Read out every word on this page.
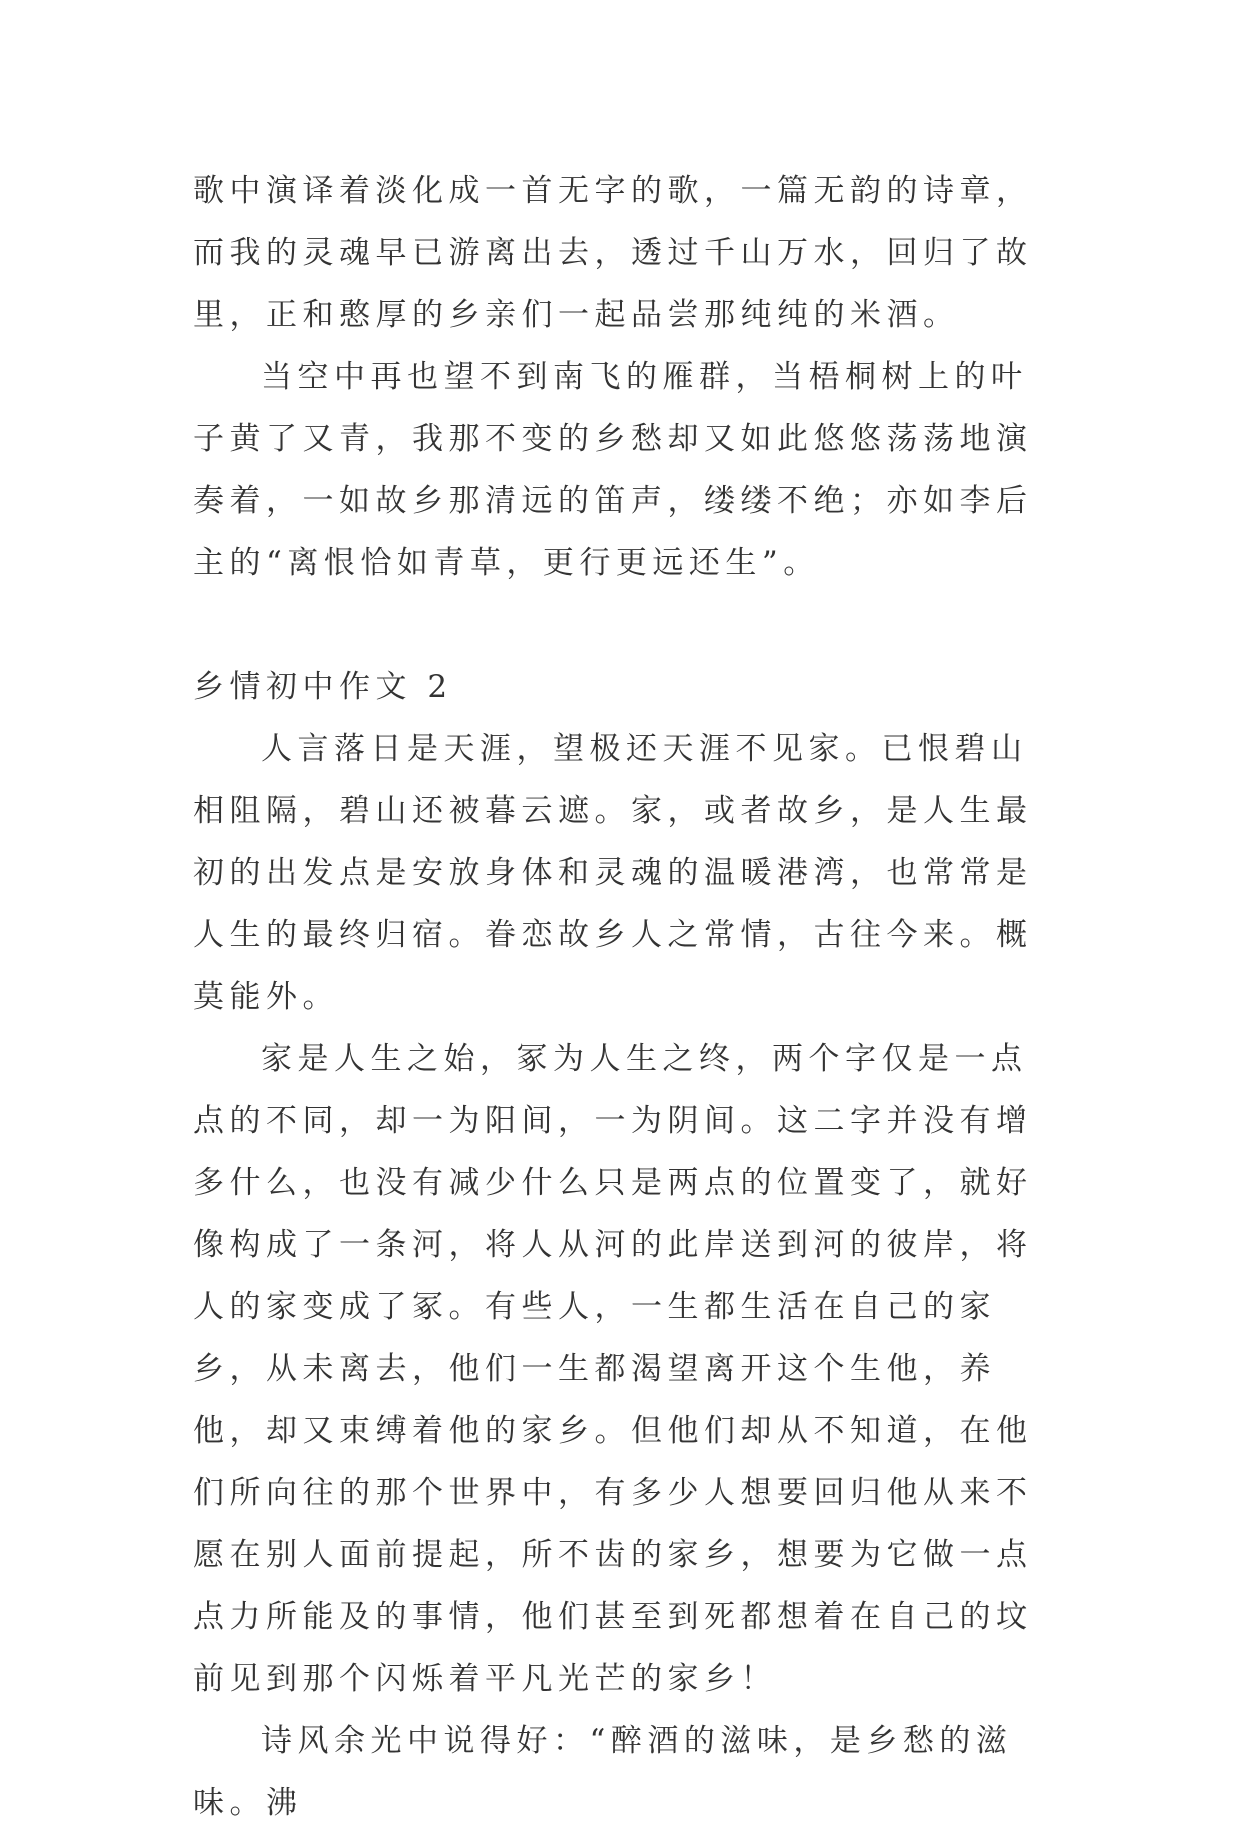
歌中演译着淡化成一首无字的歌，一篇无韵的诗章，而我的灵魂早已游离出去，透过千山万水，回归了故里，正和憨厚的乡亲们一起品尝那纯纯的米酒。

当空中再也望不到南飞的雁群，当梧桐树上的叶子黄了又青，我那不变的乡愁却又如此悠悠荡荡地演奏着，一如故乡那清远的笛声，缕缕不绝；亦如李后主的“离恨恰如青草，更行更远还生”。

乡情初中作文 2

人言落日是天涯，望极还天涯不见家。已恨碧山相阻隔，碧山还被暮云遮。家，或者故乡，是人生最初的出发点是安放身体和灵魂的温暖港湾，也常常是人生的最终归宿。眷恋故乡人之常情，古往今来。概莫能外。

家是人生之始，冢为人生之终，两个字仅是一点点的不同，却一为阳间，一为阴间。这二字并没有增多什么，也没有减少什么只是两点的位置变了，就好像构成了一条河，将人从河的此岸送到河的彼岸，将人的家变成了冢。有些人，一生都生活在自己的家乡，从未离去，他们一生都渴望离开这个生他，养他，却又束缚着他的家乡。但他们却从不知道，在他们所向往的那个世界中，有多少人想要回归他从来不愿在别人面前提起，所不齿的家乡，想要为它做一点点力所能及的事情，他们甚至到死都想着在自己的坟前见到那个闪烁着平凡光芒的家乡！

诗风余光中说得好：“醉酒的滋味，是乡愁的滋味。沸
